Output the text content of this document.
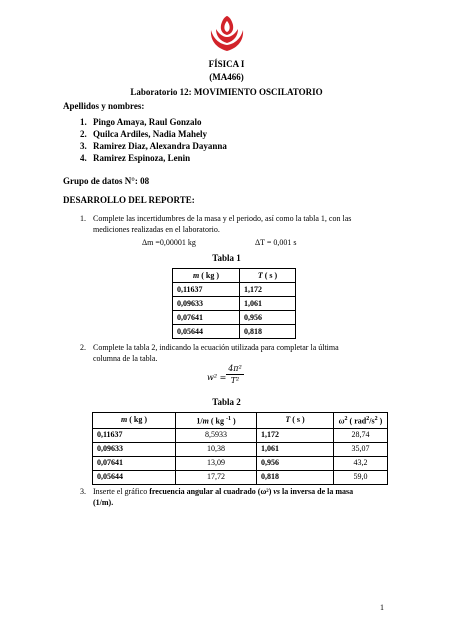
FÍSICA I
(MA466)
Laboratorio 12: MOVIMIENTO OSCILATORIO
Apellidos y nombres:
1. Pingo Amaya, Raul Gonzalo
2. Quilca Ardiles, Nadia Mahely
3. Ramirez Diaz, Alexandra Dayanna
4. Ramirez Espinoza, Lenin
Grupo de datos N°: 08
DESARROLLO DEL REPORTE:
1. Complete las incertidumbres de la masa y el periodo, así como la tabla 1, con las
mediciones realizadas en el laboratorio.
Δm =0,00001 kg	ΔT = 0,001 s
Tabla 1
m ( kg )	T ( s )
0,11637	1,172
0,09633	1,061
0,07641	0,956
0,05644	0,818
2. Complete la tabla 2, indicando la ecuación utilizada para completar la última
columna de la tabla.
w² =
4π²
T²
Tabla 2
m ( kg )	1/m ( kg $^{-1}$ )	T ( s )	$\omega^2$ ( $rad^2/s^2$ )
0,11637	8,5933	1,172	28,74
0,09633	10,38	1,061	35,07
0,07641	13,09	0,956	43,2
0,05644	17,72	0,818	59,0
3. Inserte el gráfico frecuencia angular al cuadrado (ω²) vs la inversa de la masa
(1/m).
1
